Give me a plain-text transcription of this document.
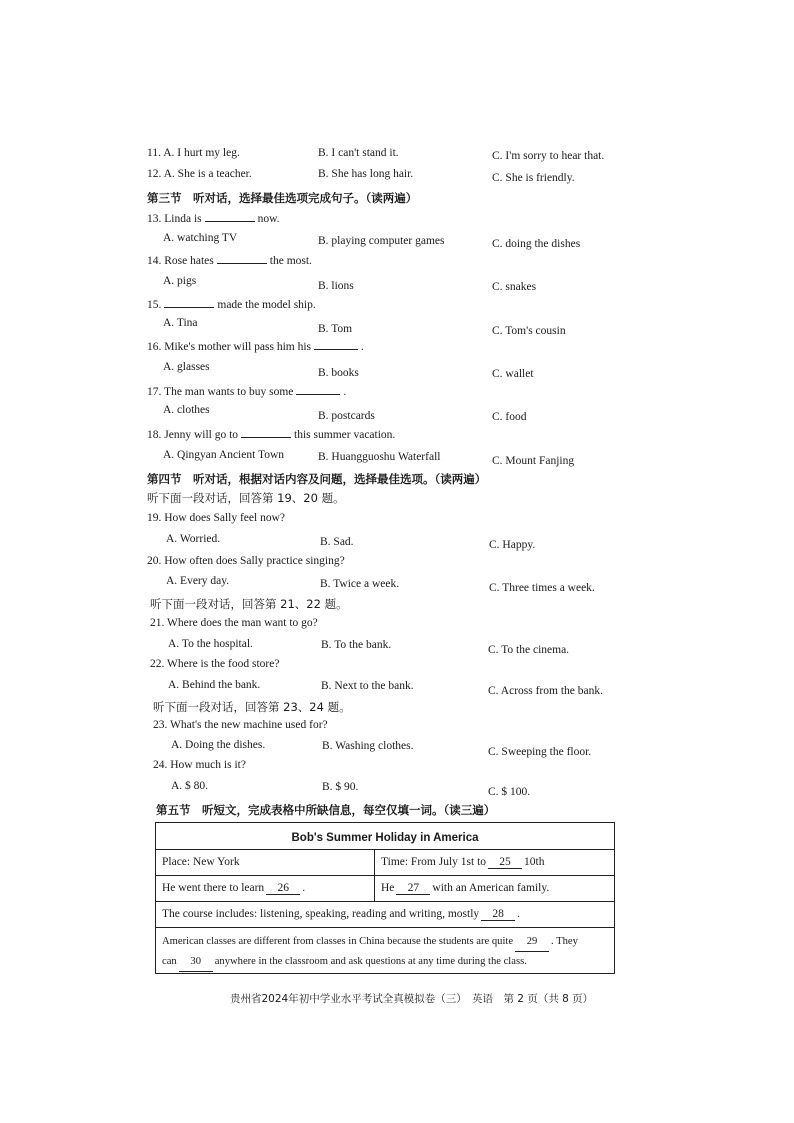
11. A. I hurt my leg.	B. I can't stand it.	C. I'm sorry to hear that.
12. A. She is a teacher.	B. She has long hair.	C. She is friendly.
第三节　听对话，选择最佳选项完成句子。（读两遍）
13. Linda is	now.
A. watching TV	B. playing computer games	C. doing the dishes
14. Rose hates	the most.
A. pigs	B. lions	C. snakes
15.	made the model ship.
A. Tina	B. Tom	C. Tom's cousin
16. Mike's mother will pass him his	.
A. glasses	B. books	C. wallet
17. The man wants to buy some	.
A. clothes	B. postcards	C. food
18. Jenny will go to	this summer vacation.
A. Qingyan Ancient Town	B. Huangguoshu Waterfall	C. Mount Fanjing
第四节　听对话，根据对话内容及问题，选择最佳选项。（读两遍）
听下面一段对话，回答第 19、20 题。
19. How does Sally feel now?
A. Worried.	B. Sad.	C. Happy.
20. How often does Sally practice singing?
A. Every day.	B. Twice a week.	C. Three times a week.
听下面一段对话，回答第 21、22 题。
21. Where does the man want to go?
A. To the hospital.	B. To the bank.	C. To the cinema.
22. Where is the food store?
A. Behind the bank.	B. Next to the bank.	C. Across from the bank.
听下面一段对话，回答第 23、24 题。
23. What's the new machine used for?
A. Doing the dishes.	B. Washing clothes.	C. Sweeping the floor.
24. How much is it?
A. $ 80.	B. $ 90.	C. $ 100.
第五节　听短文，完成表格中所缺信息，每空仅填一词。（读三遍）
Bob's Summer Holiday in America
Place: New York	Time: From July 1st to 25 10th
He went there to learn 26 .	He 27 with an American family.
The course includes: listening, speaking, reading and writing, mostly 28 .
American classes are different from classes in China because the students are quite 29 . They
can 30 anywhere in the classroom and ask questions at any time during the class.
贵州省2024年初中学业水平考试全真模拟卷（三）　英语　第 2 页（共 8 页）
